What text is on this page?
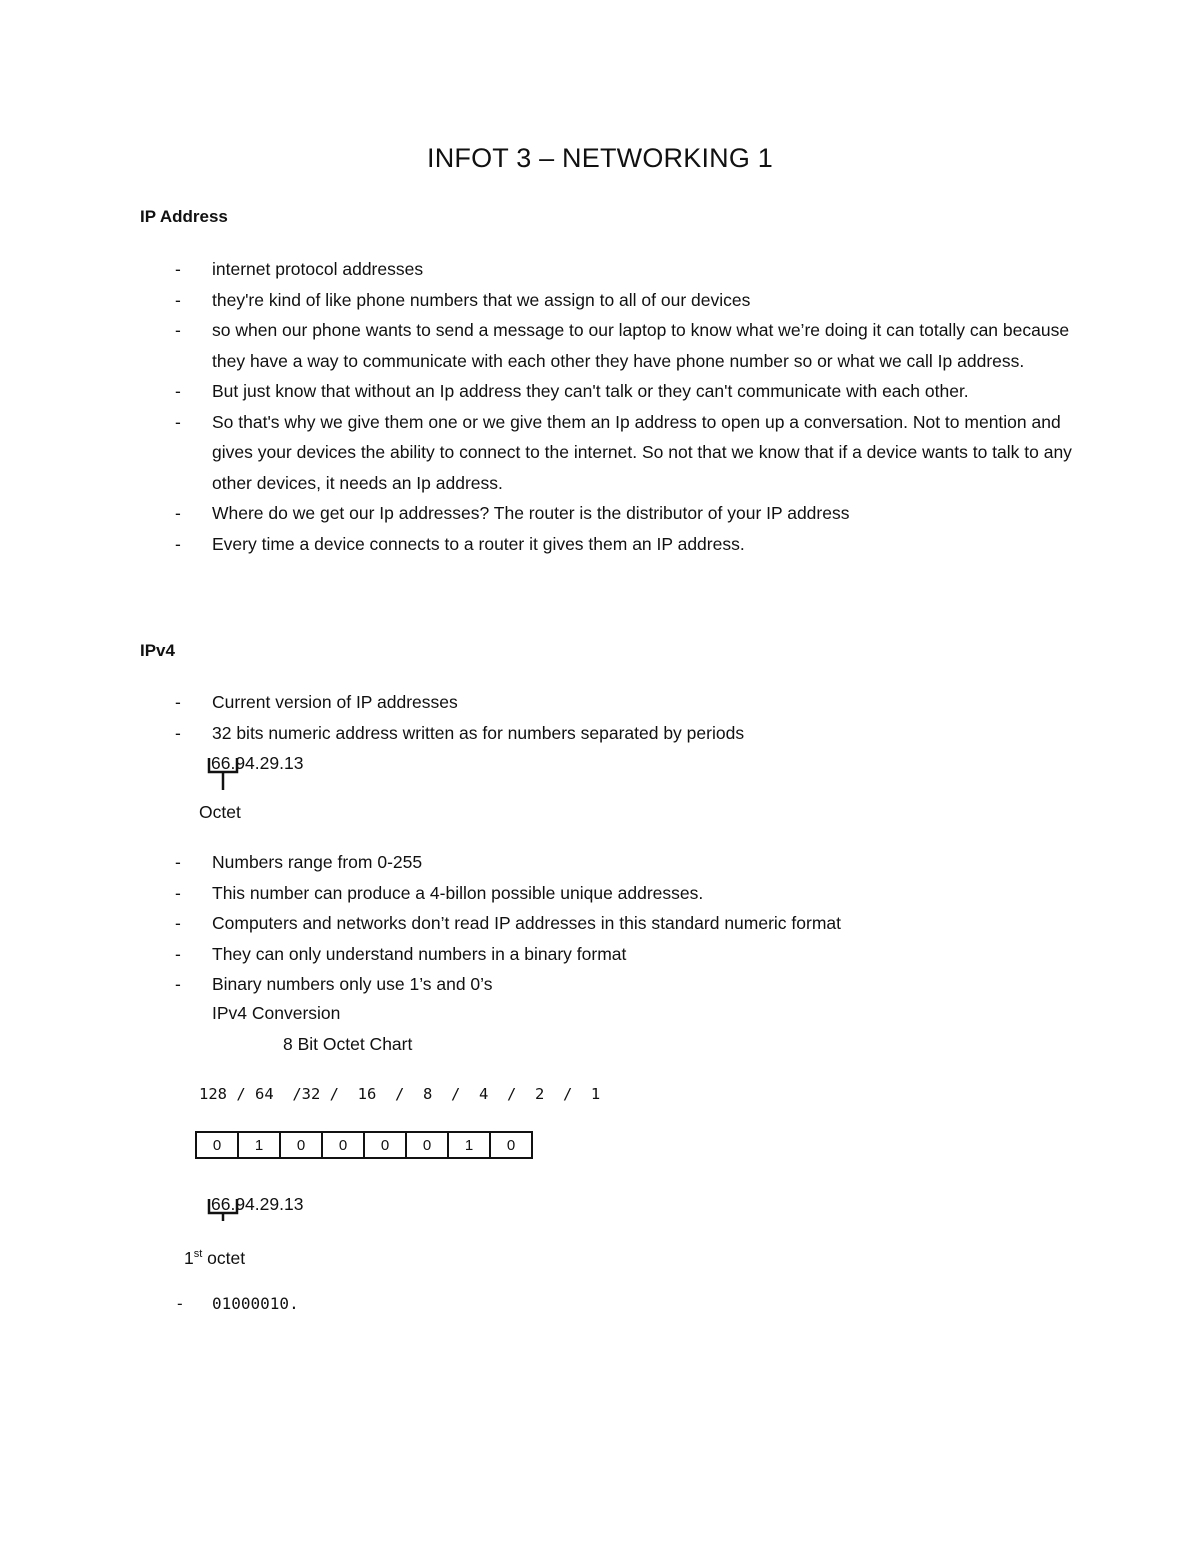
INFOT 3 – NETWORKING 1
IP Address
- internet protocol addresses
- they're kind of like phone numbers that we assign to all of our devices
- so when our phone wants to send a message to our laptop to know what we’re doing it can totally can because they have a way to communicate with each other they have phone number so or what we call Ip address.
- But just know that without an Ip address they can't talk or they can't communicate with each other.
- So that's why we give them one or we give them an Ip address to open up a conversation. Not to mention and gives your devices the ability to connect to the internet. So not that we know that if a device wants to talk to any other devices, it needs an Ip address.
- Where do we get our Ip addresses? The router is the distributor of your IP address
- Every time a device connects to a router it gives them an IP address.
IPv4
- Current version of IP addresses
- 32 bits numeric address written as for numbers separated by periods
66.94.29.13
Octet
- Numbers range from 0-255
- This number can produce a 4-billon possible unique addresses.
- Computers and networks don’t read IP addresses in this standard numeric format
- They can only understand numbers in a binary format
- Binary numbers only use 1’s and 0’s
IPv4 Conversion
8 Bit Octet Chart
128 / 64  /32 /  16  /  8  /  4  /  2  /  1
0	1	0	0	0	0	1	0
66.94.29.13
1st octet
- 01000010.
